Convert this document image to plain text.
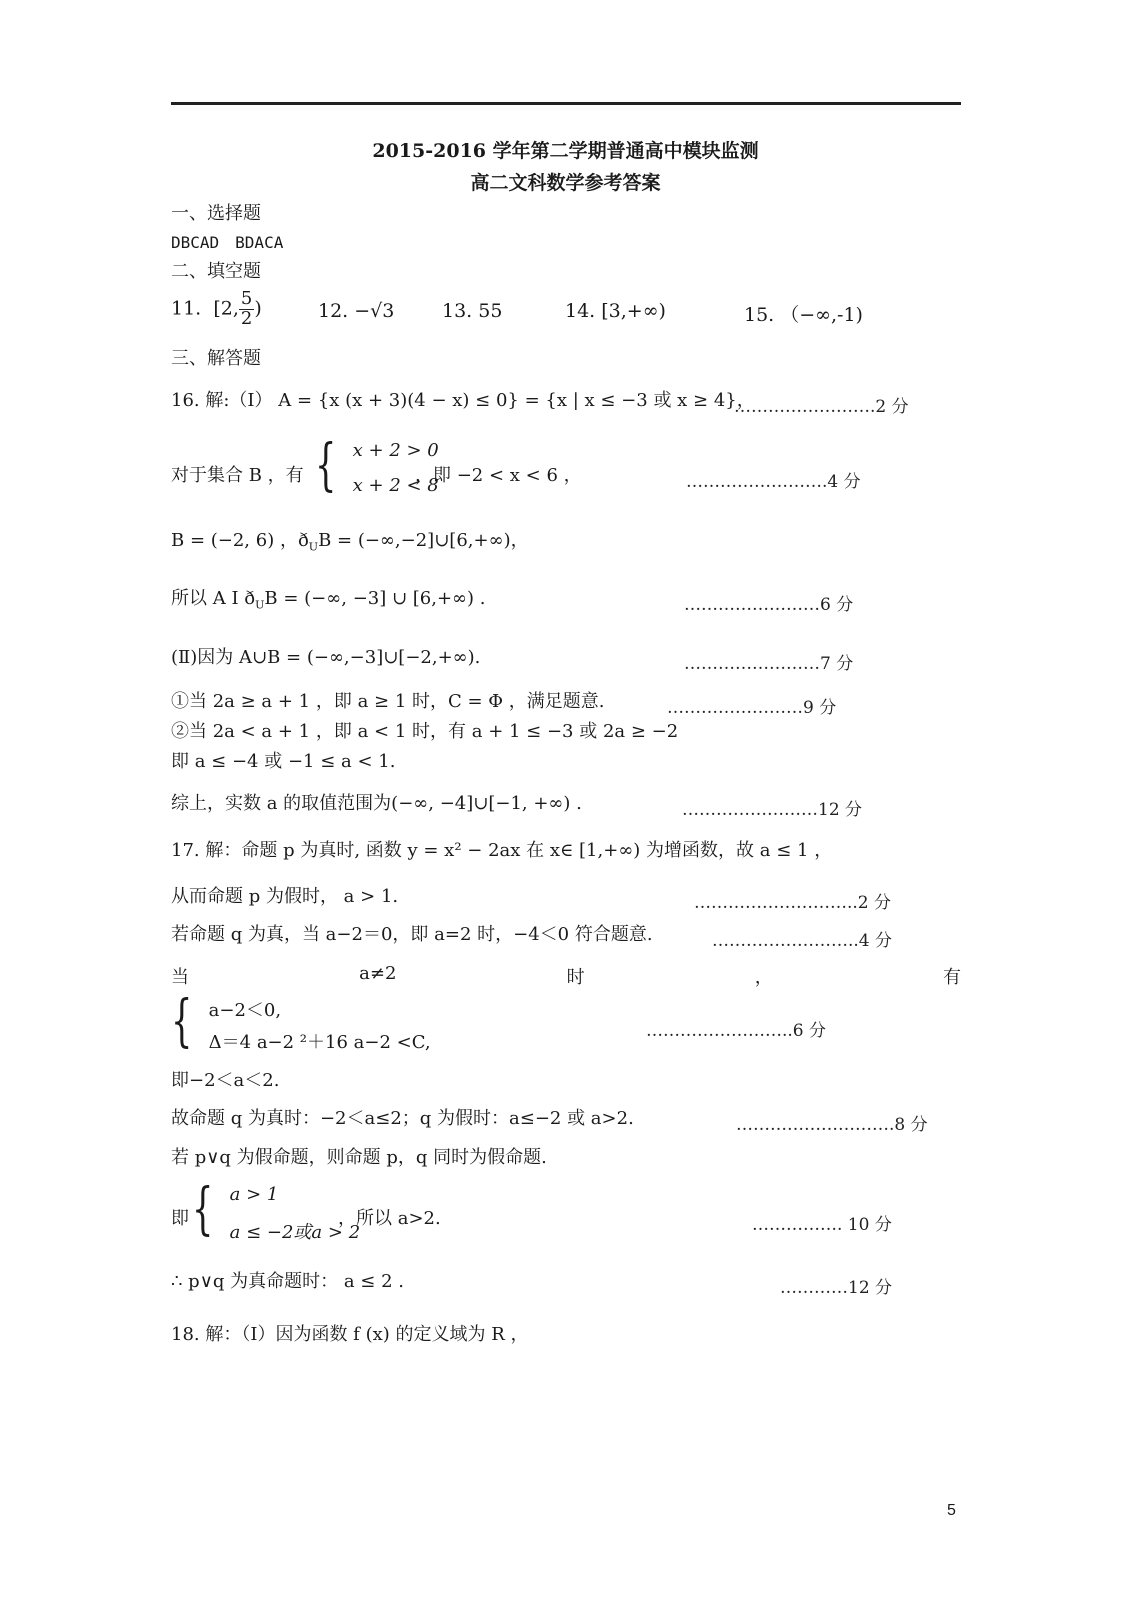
2015-2016 学年第二学期普通高中模块监测
高二文科数学参考答案
一、选择题
DBCAD　BDACA
二、填空题
11. [2, $\frac{5}{2}$ )	12. −√3	13. 55	14. [3,+∞)	15. （−∞,-1)
三、解答题
16. 解:（Ⅰ） A = {x (x + 3)(4 − x) ≤ 0} = {x | x ≤ −3 或 x ≥ 4}，
…………………….2 分
对于集合 B ，有 { x + 2 > 0
x + 2 < 8
，即 −2 < x < 6 ，	…………………….4 分
B = (−2, 6) ，$ð_UB$ = (−∞,−2]∪[6,+∞)，
所以 A I $ð_UB$ = (−∞, −3] ∪ [6,+∞) .	……………………6 分
(Ⅱ)因为 A∪B = (−∞,−3]∪[−2,+∞).	……………………7 分
①当 2a ≥ a + 1 ，即 a ≥ 1 时，C = Φ ，满足题意.	……………………9 分
②当 2a < a + 1 ，即 a < 1 时，有 a + 1 ≤ −3 或 2a ≥ −2
即 a ≤ −4 或 −1 ≤ a < 1.
综上，实数 a 的取值范围为(−∞, −4]∪[−1, +∞) .	……………………12 分
17. 解：命题 p 为真时, 函数 y = x² − 2ax 在 x∈ [1,+∞) 为增函数，故 a ≤ 1 ，
从而命题 p 为假时， a > 1.	………………………..2 分
若命题 q 为真，当 a−2＝0，即 a=2 时，−4＜0 符合题意.	……………………..4 分
当	a≠2	时	，	有
{ a−2＜0,
Δ＝4 a−2 ²＋16 a−2 <C,
……………………..6 分
即−2＜a＜2.
故命题 q 为真时：−2＜a≤2；q 为假时：a≤−2 或 a>2.	……………………….8 分
若 p∨q 为假命题，则命题 p，q 同时为假命题.
即 { a > 1
a ≤ −2或a > 2
，所以 a>2.	……………. 10 分
∴ p∨q 为真命题时： a ≤ 2 .	…………12 分
18. 解：（Ⅰ）因为函数 f (x) 的定义域为 R ，
5
